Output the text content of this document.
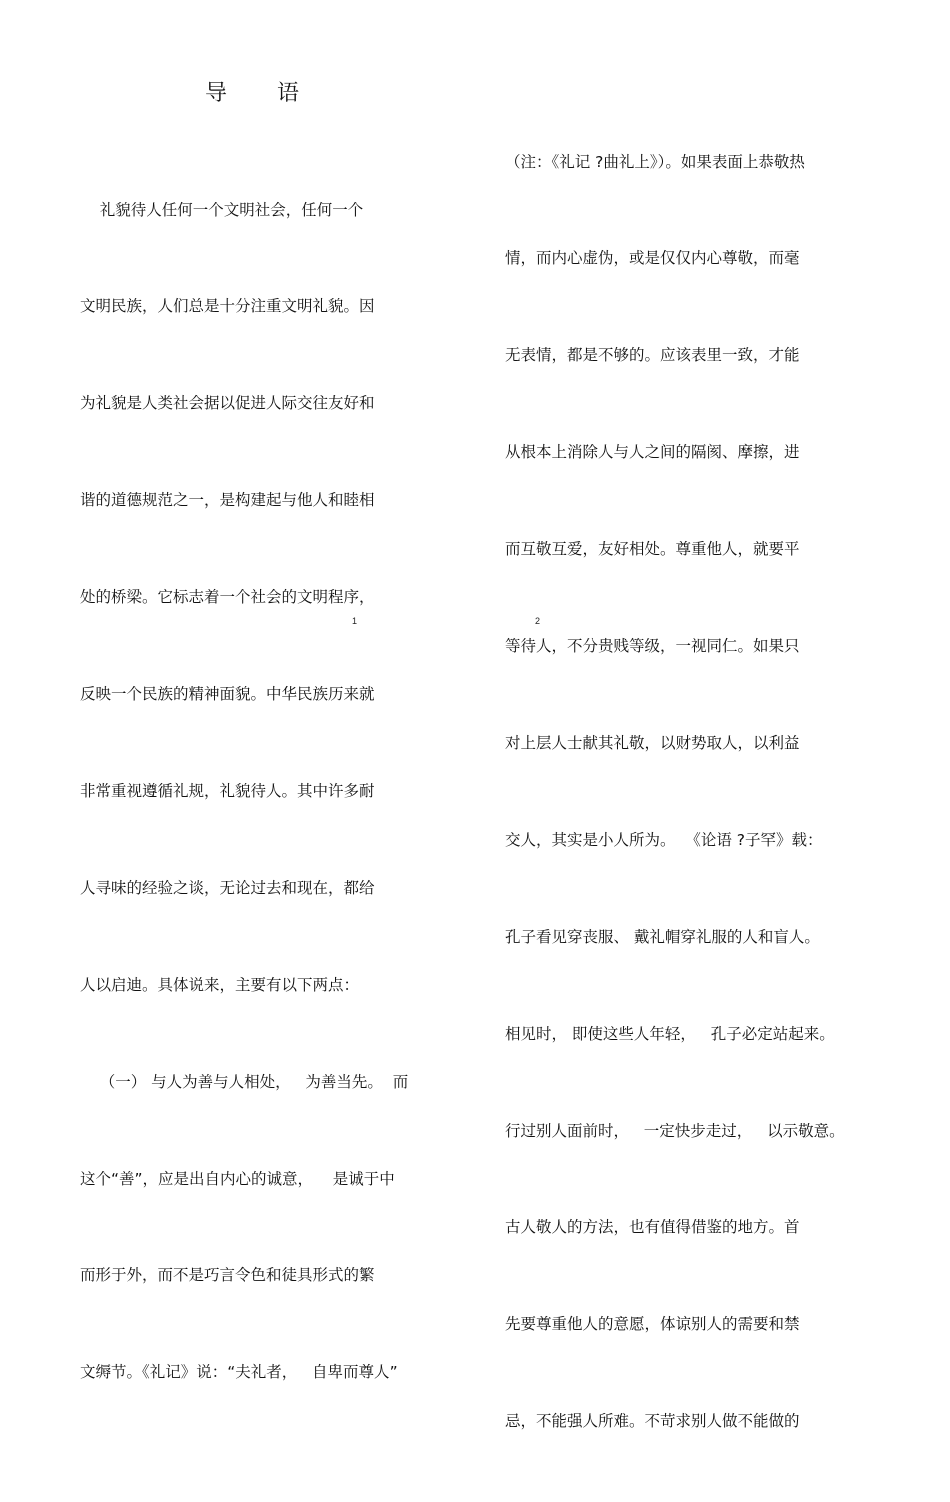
导语

礼貌待人任何一个文明社会，任何一个

文明民族，人们总是十分注重文明礼貌。因

为礼貌是人类社会据以促进人际交往友好和

谐的道德规范之一，是构建起与他人和睦相

处的桥梁。它标志着一个社会的文明程序，

反映一个民族的精神面貌。中华民族历来就

非常重视遵循礼规，礼貌待人。其中许多耐

人寻味的经验之谈，无论过去和现在，都给

人以启迪。具体说来，主要有以下两点：

（一） 与人为善与人相处，   为善当先。  而

这个“善”，应是出自内心的诚意，    是诚于中

而形于外，而不是巧言令色和徒具形式的繁

文缛节。《礼记》说：“夫礼者，   自卑而尊人”

1

（注：《礼记 ?曲礼上》）。如果表面上恭敬热

情，而内心虚伪，或是仅仅内心尊敬，而毫

无表情，都是不够的。应该表里一致，才能

从根本上消除人与人之间的隔阂、摩擦，进

而互敬互爱，友好相处。尊重他人，就要平

等待人，不分贵贱等级，一视同仁。如果只

对上层人士献其礼敬，以财势取人，以利益

交人，其实是小人所为。  《论语 ?子罕》载：

孔子看见穿丧服、 戴礼帽穿礼服的人和盲人。

相见时， 即使这些人年轻，   孔子必定站起来。

行过别人面前时，   一定快步走过，   以示敬意。

古人敬人的方法，也有值得借鉴的地方。首

先要尊重他人的意愿，体谅别人的需要和禁

忌，不能强人所难。不苛求别人做不能做的

2
